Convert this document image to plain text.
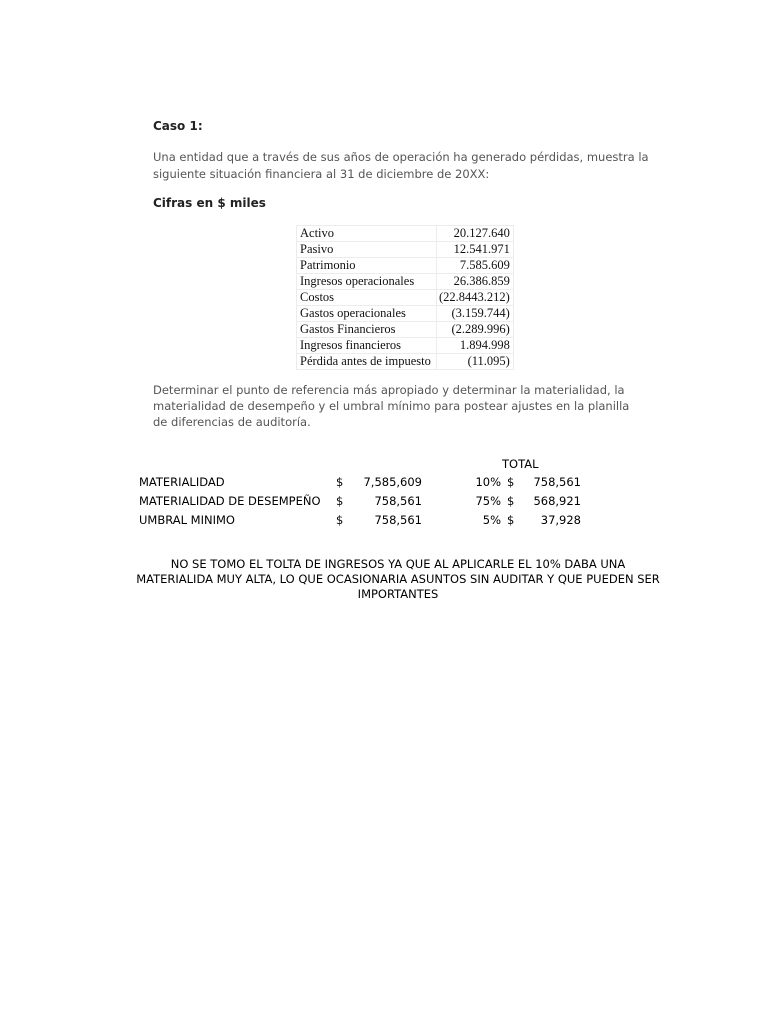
Caso 1:
Una entidad que a través de sus años de operación ha generado pérdidas, muestra la siguiente situación financiera al 31 de diciembre de 20XX:
Cifras en $ miles
Activo	20.127.640
Pasivo	12.541.971
Patrimonio	7.585.609
Ingresos operacionales	26.386.859
Costos	(22.8443.212)
Gastos operacionales	(3.159.744)
Gastos Financieros	(2.289.996)
Ingresos financieros	1.894.998
Pérdida antes de impuesto	(11.095)
Determinar el punto de referencia más apropiado y determinar la materialidad, la materialidad de desempeño y el umbral mínimo para postear ajustes en la planilla de diferencias de auditoría.
TOTAL
MATERIALIDAD	$	7,585,609	10% $	758,561
MATERIALIDAD DE DESEMPEÑO $	758,561	75% $	568,921
UMBRAL MINIMO	$	758,561	5% $	37,928
NO SE TOMO EL TOLTA DE INGRESOS YA QUE AL APLICARLE EL 10% DABA UNA MATERIALIDA MUY ALTA, LO QUE OCASIONARIA ASUNTOS SIN AUDITAR Y QUE PUEDEN SER IMPORTANTES
